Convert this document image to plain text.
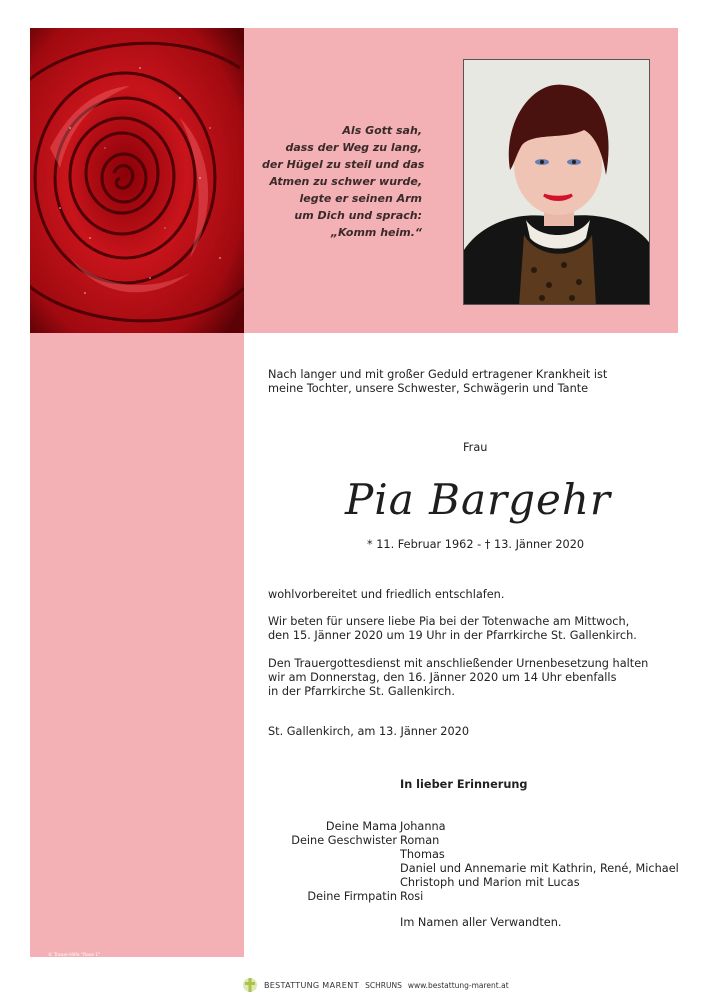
Als Gott sah,
dass der Weg zu lang,
der Hügel zu steil und das
Atmen zu schwer wurde,
legte er seinen Arm
um Dich und sprach:
„Komm heim.“
Nach langer und mit großer Geduld ertragener Krankheit ist
meine Tochter, unsere Schwester, Schwägerin und Tante
Frau
Pia Bargehr
* 11. Februar 1962 - † 13. Jänner 2020
wohlvorbereitet und friedlich entschlafen.
Wir beten für unsere liebe Pia bei der Totenwache am Mittwoch,
den 15. Jänner 2020 um 19 Uhr in der Pfarrkirche St. Gallenkirch.
Den Trauergottesdienst mit anschließender Urnenbesetzung halten
wir am Donnerstag, den 16. Jänner 2020 um 14 Uhr ebenfalls
in der Pfarrkirche St. Gallenkirch.
St. Gallenkirch, am 13. Jänner 2020
In lieber Erinnerung
Deine Mama Johanna
Deine Geschwister Roman
Thomas
Daniel und Annemarie mit Kathrin, René, Michael
Christoph und Marion mit Lucas
Deine Firmpatin Rosi
Im Namen aller Verwandten.
© Trauer-Hilfe "Rose 1"
BESTATTUNG MARENT SCHRUNS www.bestattung-marent.at
